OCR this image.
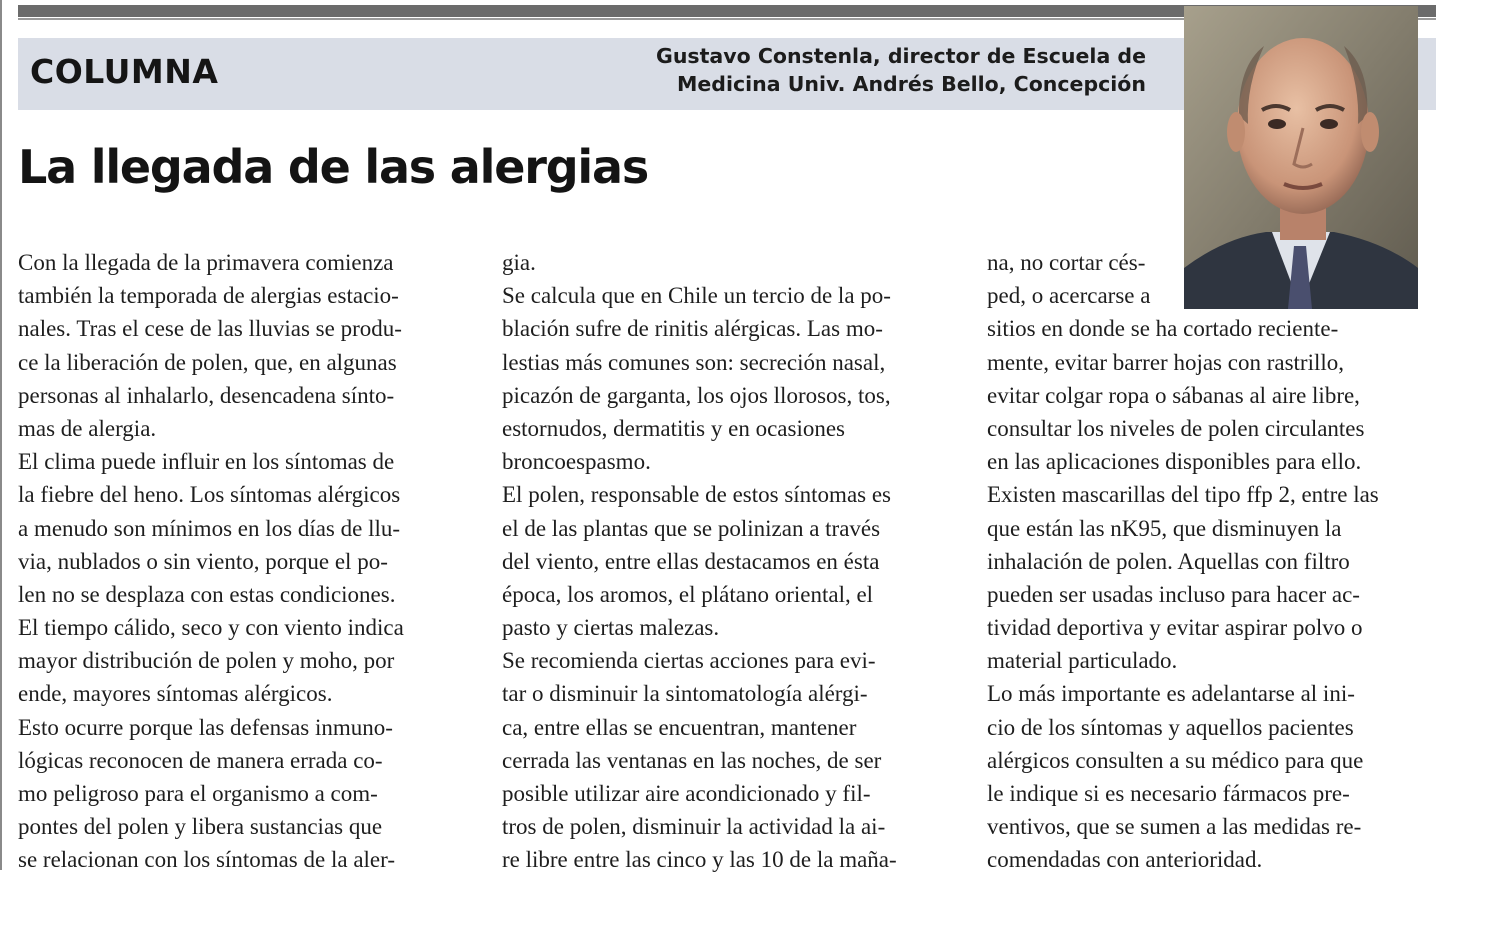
COLUMNA	Gustavo Constenla, director de Escuela de
Medicina Univ. Andrés Bello, Concepción
La llegada de las alergias
Con la llegada de la primavera comienza
también la temporada de alergias estacio-
nales. Tras el cese de las lluvias se produ-
ce la liberación de polen, que, en algunas
personas al inhalarlo, desencadena sínto-
mas de alergia.
El clima puede influir en los síntomas de
la fiebre del heno. Los síntomas alérgicos
a menudo son mínimos en los días de llu-
via, nublados o sin viento, porque el po-
len no se desplaza con estas condiciones.
El tiempo cálido, seco y con viento indica
mayor distribución de polen y moho, por
ende, mayores síntomas alérgicos.
Esto ocurre porque las defensas inmuno-
lógicas reconocen de manera errada co-
mo peligroso para el organismo a com-
pontes del polen y libera sustancias que
se relacionan con los síntomas de la aler-
gia.
Se calcula que en Chile un tercio de la po-
blación sufre de rinitis alérgicas. Las mo-
lestias más comunes son: secreción nasal,
picazón de garganta, los ojos llorosos, tos,
estornudos, dermatitis y en ocasiones
broncoespasmo.
El polen, responsable de estos síntomas es
el de las plantas que se polinizan a través
del viento, entre ellas destacamos en ésta
época, los aromos, el plátano oriental, el
pasto y ciertas malezas.
Se recomienda ciertas acciones para evi-
tar o disminuir la sintomatología alérgi-
ca, entre ellas se encuentran, mantener
cerrada las ventanas en las noches, de ser
posible utilizar aire acondicionado y fil-
tros de polen, disminuir la actividad la ai-
re libre entre las cinco y las 10 de la maña-
na, no cortar cés-
ped, o acercarse a
sitios en donde se ha cortado reciente-
mente, evitar barrer hojas con rastrillo,
evitar colgar ropa o sábanas al aire libre,
consultar los niveles de polen circulantes
en las aplicaciones disponibles para ello.
Existen mascarillas del tipo ffp 2, entre las
que están las nK95, que disminuyen la
inhalación de polen. Aquellas con filtro
pueden ser usadas incluso para hacer ac-
tividad deportiva y evitar aspirar polvo o
material particulado.
Lo más importante es adelantarse al ini-
cio de los síntomas y aquellos pacientes
alérgicos consulten a su médico para que
le indique si es necesario fármacos pre-
ventivos, que se sumen a las medidas re-
comendadas con anterioridad.
